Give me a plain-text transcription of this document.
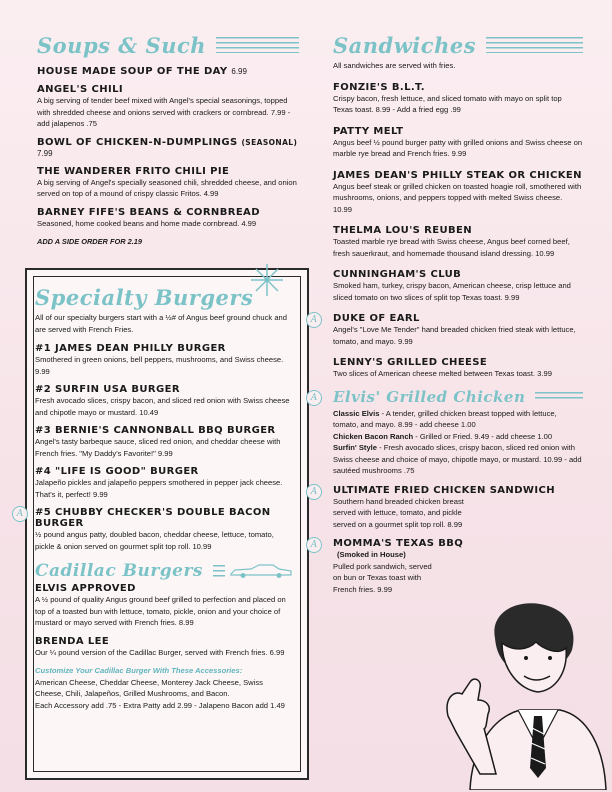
Soups & Such

HOUSE MADE SOUP OF THE DAY 6.99

ANGEL'S CHILI

A big serving of tender beef mixed with Angel's special seasonings, topped with shredded cheese and onions served with crackers or cornbread. 7.99 - add jalapenos .75

BOWL OF CHICKEN-N-DUMPLINGS (SEASONAL) 7.99

THE WANDERER FRITO CHILI PIE

A big serving of Angel's specially seasoned chili, shredded cheese, and onion served on top of a mound of crispy classic Fritos. 4.99

BARNEY FIFE'S BEANS & CORNBREAD

Seasoned, home cooked beans and home made cornbread. 4.99

ADD A SIDE ORDER FOR 2.19

Specialty Burgers

All of our specialty burgers start with a ½# of Angus beef ground chuck and are served with French Fries.

#1 JAMES DEAN PHILLY BURGER

Smothered in green onions, bell peppers, mushrooms, and Swiss cheese. 9.99

#2 SURFIN USA BURGER

Fresh avocado slices, crispy bacon, and sliced red onion with Swiss cheese and chipotle mayo or mustard. 10.49

#3 BERNIE'S CANNONBALL BBQ BURGER

Angel's tasty barbeque sauce, sliced red onion, and cheddar cheese with French fries. "My Daddy's Favorite!" 9.99

#4 "LIFE IS GOOD" BURGER

Jalapeño pickles and jalapeño peppers smothered in pepper jack cheese. That's it, perfect! 9.99

A	#5 CHUBBY CHECKER'S DOUBLE BACON BURGER

½ pound angus patty, doubled bacon, cheddar cheese, lettuce, tomato, pickle & onion served on gourmet split top roll. 10.99

Cadillac Burgers

ELVIS APPROVED

A ½ pound of quality Angus ground beef grilled to perfection and placed on top of a toasted bun with lettuce, tomato, pickle, onion and your choice of mustard or mayo served with French fries. 8.99

BRENDA LEE

Our ¼ pound version of the Cadillac Burger, served with French fries. 6.99

Customize Your Cadillac Burger With These Accessories:

American Cheese, Cheddar Cheese, Monterey Jack Cheese, Swiss Cheese, Chili, Jalapeños, Grilled Mushrooms, and Bacon.

Each Accessory add .75 - Extra Patty add 2.99 - Jalapeno Bacon add 1.49

Sandwiches

All sandwiches are served with fries.

FONZIE'S B.L.T.

Crispy bacon, fresh lettuce, and sliced tomato with mayo on split top Texas toast. 8.99 - Add a fried egg .99

PATTY MELT

Angus beef ½ pound burger patty with grilled onions and Swiss cheese on marble rye bread and French fries. 9.99

JAMES DEAN'S PHILLY STEAK OR CHICKEN

Angus beef steak or grilled chicken on toasted hoagie roll, smothered with mushrooms, onions, and peppers topped with melted Swiss cheese. 10.99

THELMA LOU'S REUBEN

Toasted marble rye bread with Swiss cheese, Angus beef corned beef, fresh sauerkraut, and homemade thousand island dressing. 10.99

CUNNINGHAM'S CLUB

Smoked ham, turkey, crispy bacon, American cheese, crisp lettuce and sliced tomato on two slices of split top Texas toast. 9.99

A	DUKE OF EARL

Angel's "Love Me Tender" hand breaded chicken fried steak with lettuce, tomato, and mayo. 9.99

LENNY'S GRILLED CHEESE

Two slices of American cheese melted between Texas toast. 3.99

A	Elvis' Grilled Chicken

Classic Elvis - A tender, grilled chicken breast topped with lettuce, tomato, and mayo. 8.99 - add cheese 1.00
Chicken Bacon Ranch - Grilled or Fried. 9.49 - add cheese 1.00
Surfin' Style - Fresh avocado slices, crispy bacon, sliced red onion with Swiss cheese and choice of mayo, chipotle mayo, or mustard. 10.99 - add sautéed mushrooms .75

A	ULTIMATE FRIED CHICKEN SANDWICH

Southern hand breaded chicken breast served with lettuce, tomato, and pickle served on a gourmet split top roll. 8.99

A	MOMMA'S TEXAS BBQ

(Smoked in House)

Pulled pork sandwich, served on bun or Texas toast with French fries. 9.99
